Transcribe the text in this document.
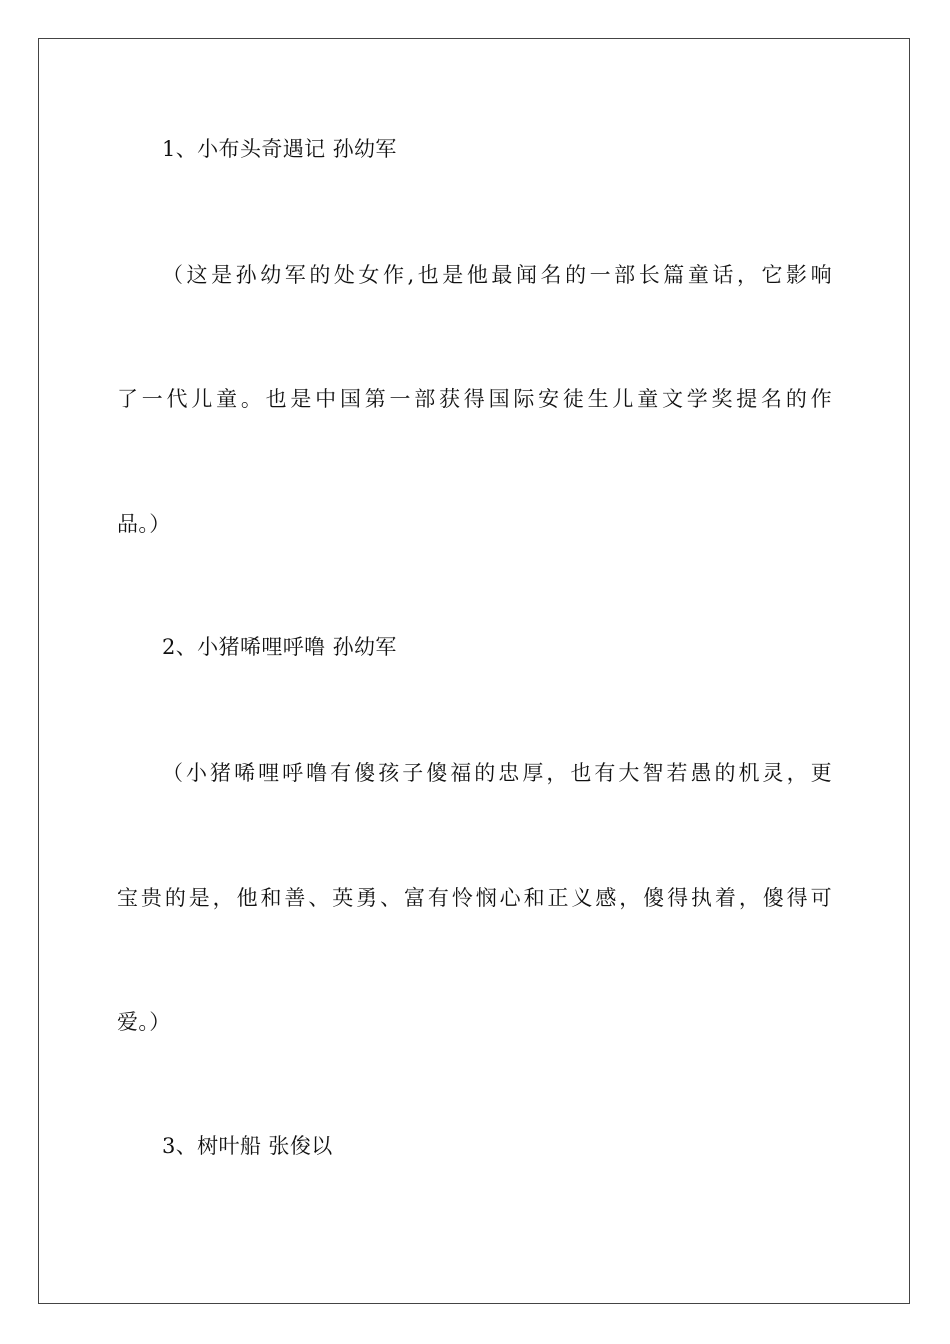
1、小布头奇遇记 孙幼军
（这是孙幼军的处女作,也是他最闻名的一部长篇童话，它影响
了一代儿童。也是中国第一部获得国际安徒生儿童文学奖提名的作
品。）
2、小猪唏哩呼噜 孙幼军
（小猪唏哩呼噜有傻孩子傻福的忠厚，也有大智若愚的机灵，更
宝贵的是，他和善、英勇、富有怜悯心和正义感，傻得执着，傻得可
爱。）
3、树叶船 张俊以
